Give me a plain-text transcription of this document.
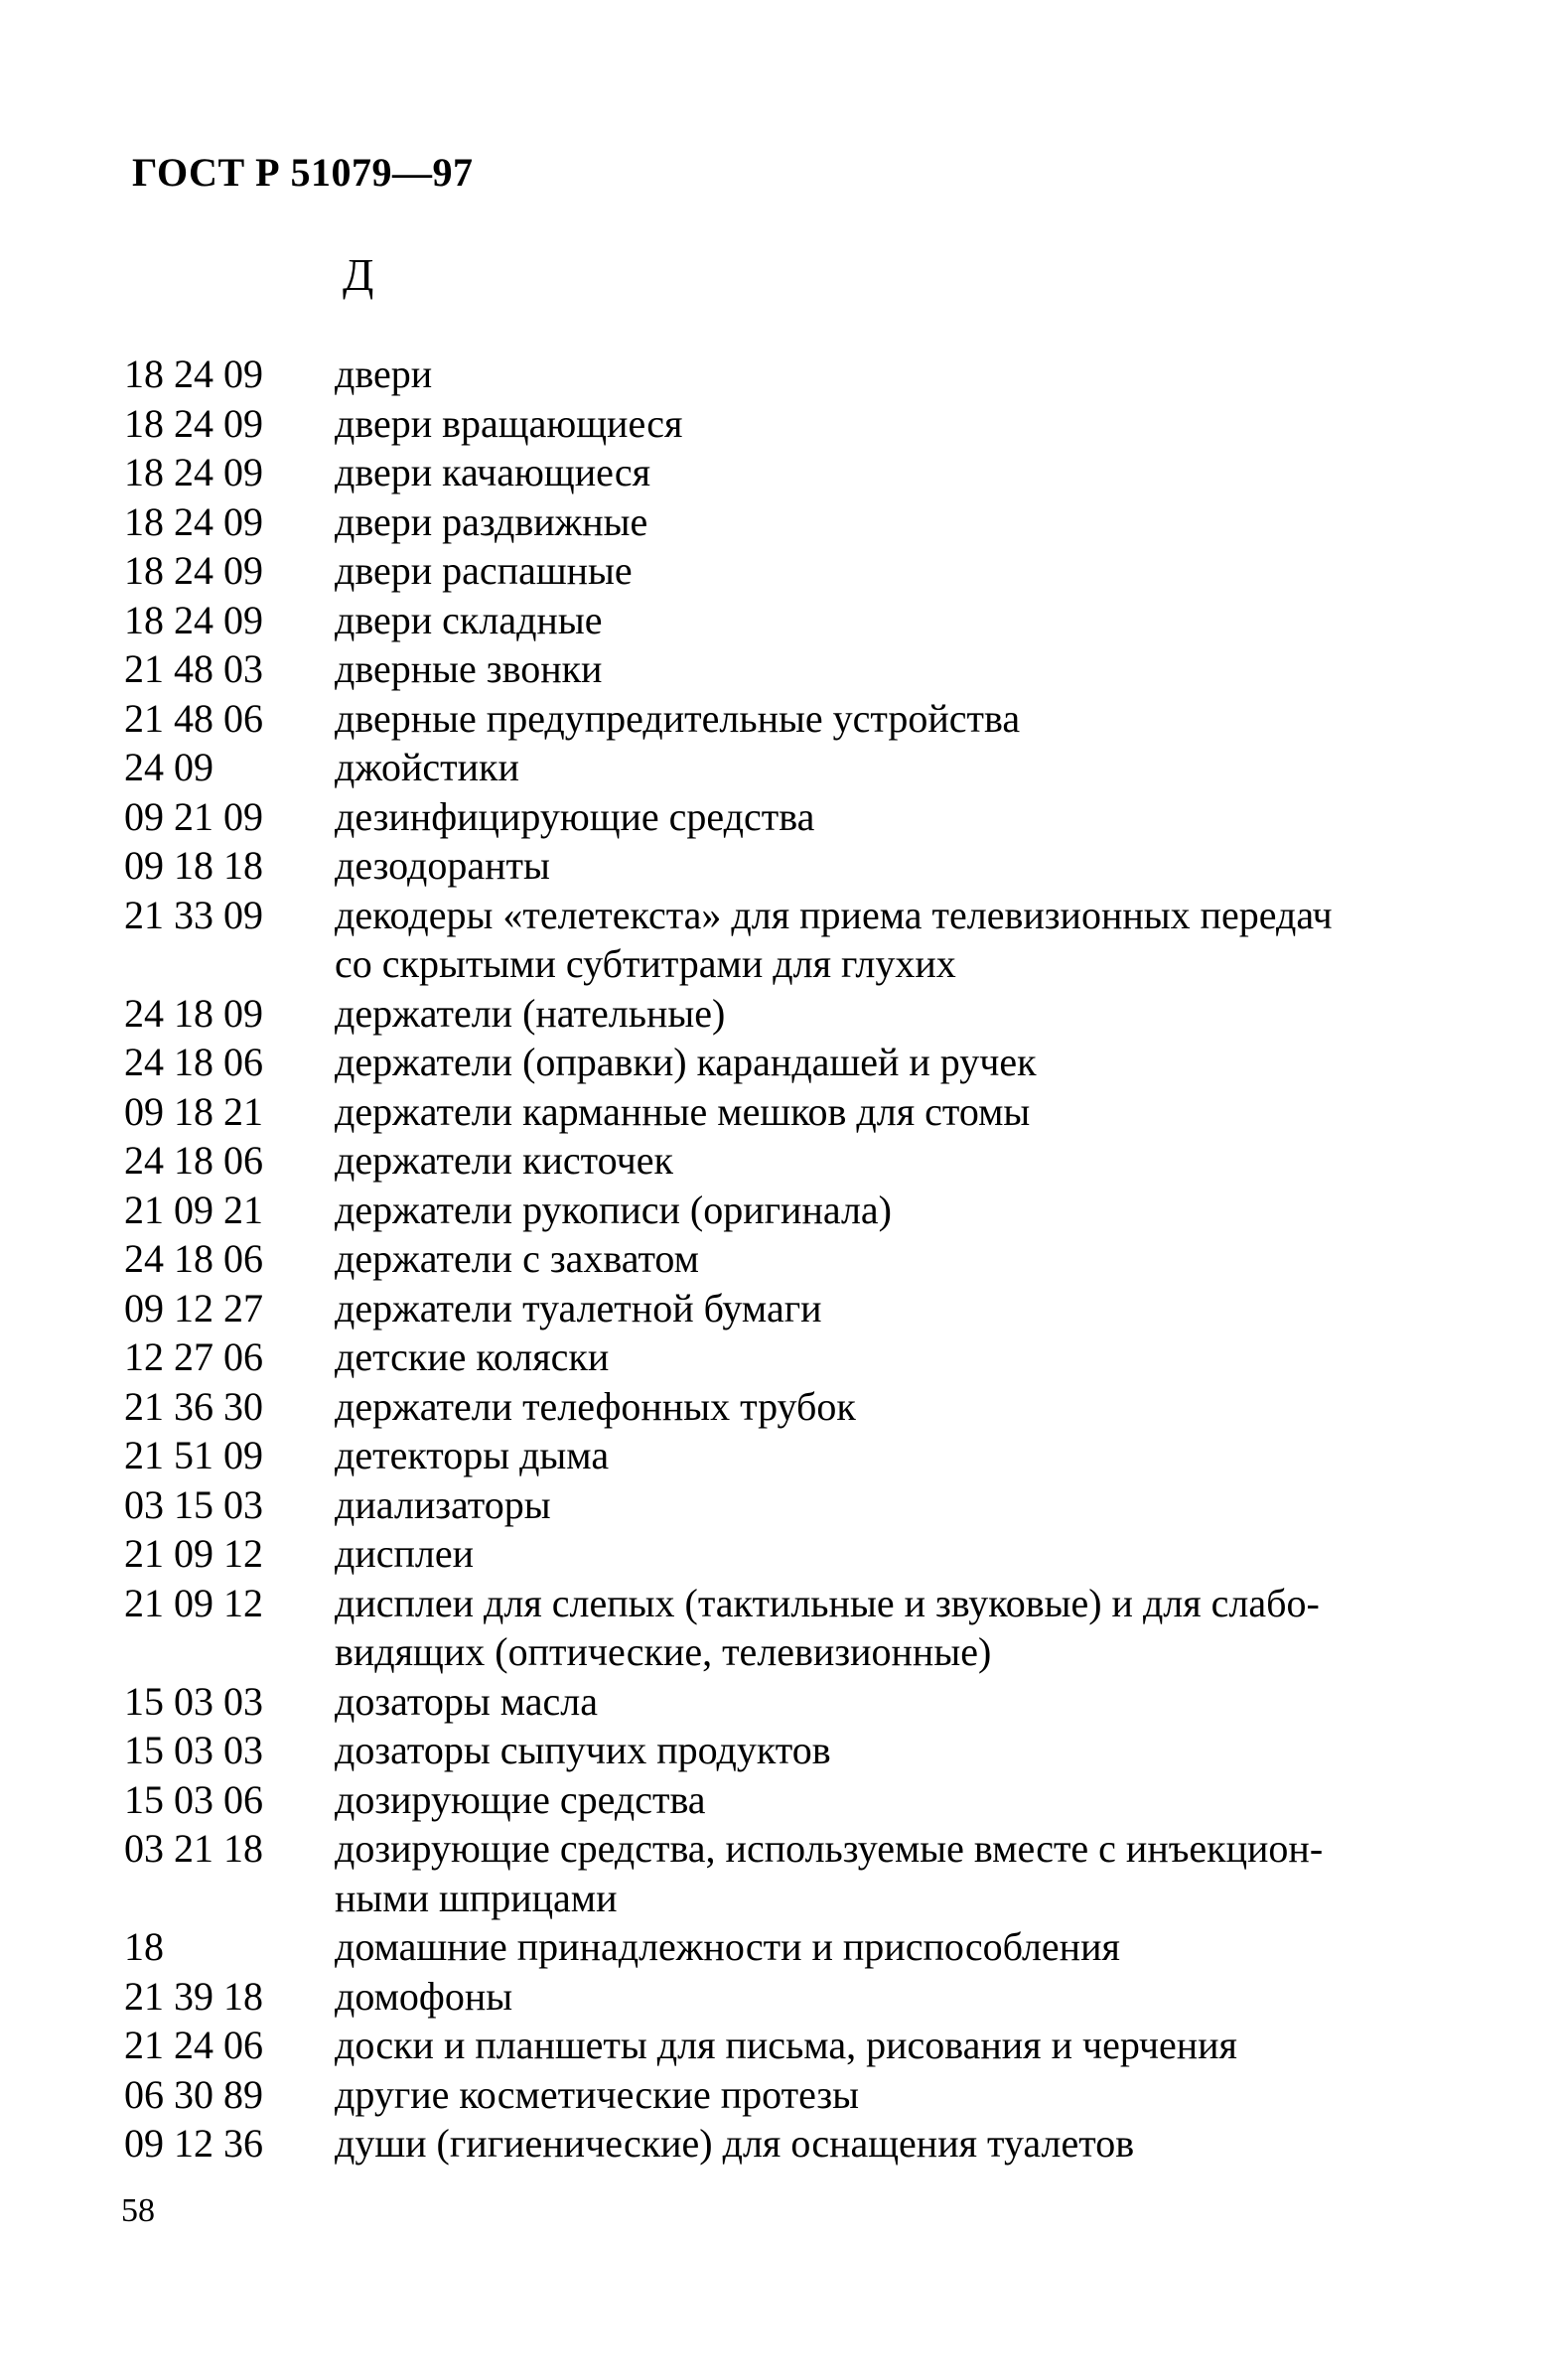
ГОСТ Р 51079—97
Д
18 24 09	двери
18 24 09	двери вращающиеся
18 24 09	двери качающиеся
18 24 09	двери раздвижные
18 24 09	двери распашные
18 24 09	двери складные
21 48 03	дверные звонки
21 48 06	дверные предупредительные устройства
24 09	джойстики
09 21 09	дезинфицирующие средства
09 18 18	дезодоранты
21 33 09	декодеры «телетекста» для приема телевизионных передач
со скрытыми субтитрами для глухих
24 18 09	держатели (нательные)
24 18 06	держатели (оправки) карандашей и ручек
09 18 21	держатели карманные мешков для стомы
24 18 06	держатели кисточек
21 09 21	держатели рукописи (оригинала)
24 18 06	держатели с захватом
09 12 27	держатели туалетной бумаги
12 27 06	детские коляски
21 36 30	держатели телефонных трубок
21 51 09	детекторы дыма
03 15 03	диализаторы
21 09 12	дисплеи
21 09 12	дисплеи для слепых (тактильные и звуковые) и для слабо-
видящих (оптические, телевизионные)
15 03 03	дозаторы масла
15 03 03	дозаторы сыпучих продуктов
15 03 06	дозирующие средства
03 21 18	дозирующие средства, используемые вместе с инъекцион-
ными шприцами
18	домашние принадлежности и приспособления
21 39 18	домофоны
21 24 06	доски и планшеты для письма, рисования и черчения
06 30 89	другие косметические протезы
09 12 36	души (гигиенические) для оснащения туалетов
58
